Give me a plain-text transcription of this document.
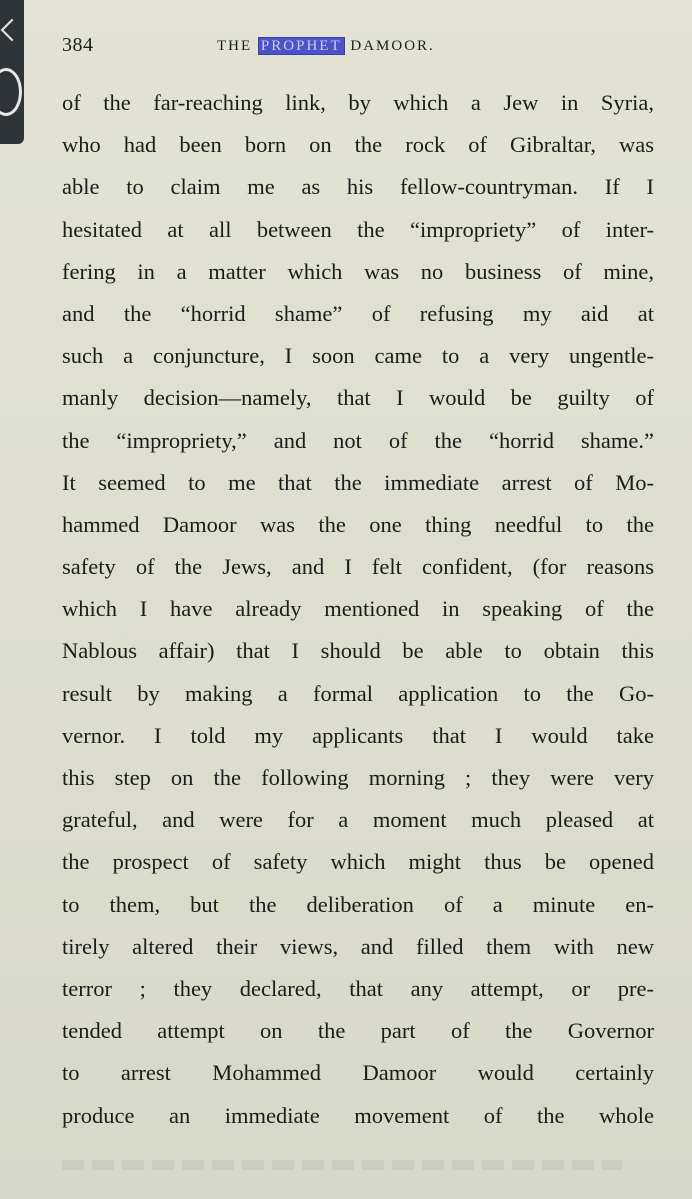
384	THE PROPHET DAMOOR.
of the far-reaching link, by which a Jew in Syria,
who had been born on the rock of Gibraltar, was
able to claim me as his fellow-countryman. If I
hesitated at all between the “impropriety” of inter-
fering in a matter which was no business of mine,
and the “horrid shame” of refusing my aid at
such a conjuncture, I soon came to a very ungentle-
manly decision—namely, that I would be guilty of
the “impropriety,” and not of the “horrid shame.”
It seemed to me that the immediate arrest of Mo-
hammed Damoor was the one thing needful to the
safety of the Jews, and I felt confident, (for reasons
which I have already mentioned in speaking of the
Nablous affair) that I should be able to obtain this
result by making a formal application to the Go-
vernor. I told my applicants that I would take
this step on the following morning ; they were very
grateful, and were for a moment much pleased at
the prospect of safety which might thus be opened
to them, but the deliberation of a minute en-
tirely altered their views, and filled them with new
terror ; they declared, that any attempt, or pre-
tended attempt on the part of the Governor
to arrest Mohammed Damoor would certainly
produce an immediate movement of the whole
